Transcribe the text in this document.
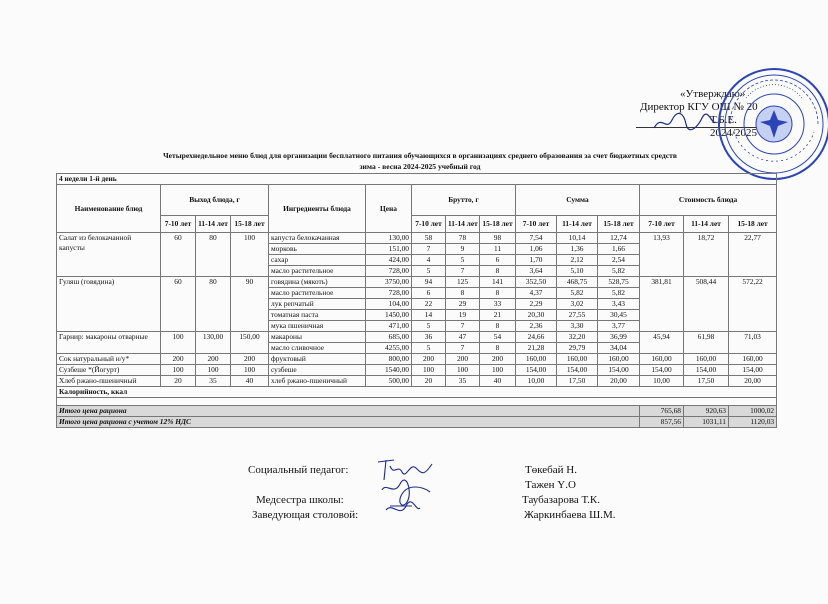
«Утверждаю»
Директор КГУ ОШ № 20
Т.Б.Е.
2024/2025
Четырехнедельное меню блюд для организации бесплатного питания обучающихся в организациях среднего образования за счет бюджетных средств
зима - весна 2024-2025 учебный год
4 недели 1-й день														
Наименование блюд	Выход блюда, г			Ингредиенты блюда	Цена	Брутто, г			Сумма			Стоимость блюда		
	7-10 лет	11-14 лет	15-18 лет			7-10 лет	11-14 лет	15-18 лет	7-10 лет	11-14 лет	15-18 лет	7-10 лет	11-14 лет	15-18 лет
Салат из белокачанной капусты	60	80	100	капуста белокачанная	130,00	58	78	98	7,54	10,14	12,74	13,93	18,72	22,77
				морковь	151,00	7	9	11	1,06	1,36	1,66			
				сахар	424,00	4	5	6	1,70	2,12	2,54			
				масло растительное	728,00	5	7	8	3,64	5,10	5,82			
Гуляш (говядина)	60	80	90	говядина (мякоть)	3750,00	94	125	141	352,50	468,75	528,75	381,81	508,44	572,22
				масло растительное	728,00	6	8	8	4,37	5,82	5,82			
				лук репчатый	104,00	22	29	33	2,29	3,02	3,43			
				томатная паста	1450,00	14	19	21	20,30	27,55	30,45			
				мука пшеничная	471,00	5	7	8	2,36	3,30	3,77			
Гарнир: макароны отварные	100	130,00	150,00	макароны	685,00	36	47	54	24,66	32,20	36,99	45,94	61,98	71,03
				масло сливочное	4255,00	5	7	8	21,28	29,79	34,04			
Сок натуральный н/у*	200	200	200	фруктовый	800,00	200	200	200	160,00	160,00	160,00	160,00	160,00	160,00
Сузбеше *(Йогурт)	100	100	100	сузбеше	1540,00	100	100	100	154,00	154,00	154,00	154,00	154,00	154,00
Хлеб ржано-пшеничный	20	35	40	хлеб ржано-пшеничный	500,00	20	35	40	10,00	17,50	20,00	10,00	17,50	20,00
Калорийность, ккал														

Итого цена рациона												765,68	920,63	1000,02
Итого цена рациона с учетом 12% НДС												857,56	1031,11	1120,03
Социальный педагог:	Төкебай Н.
Тажен Ү.О
Медсестра школы:	Таубазарова Т.К.
Заведующая столовой:	Жаркинбаева Ш.М.
